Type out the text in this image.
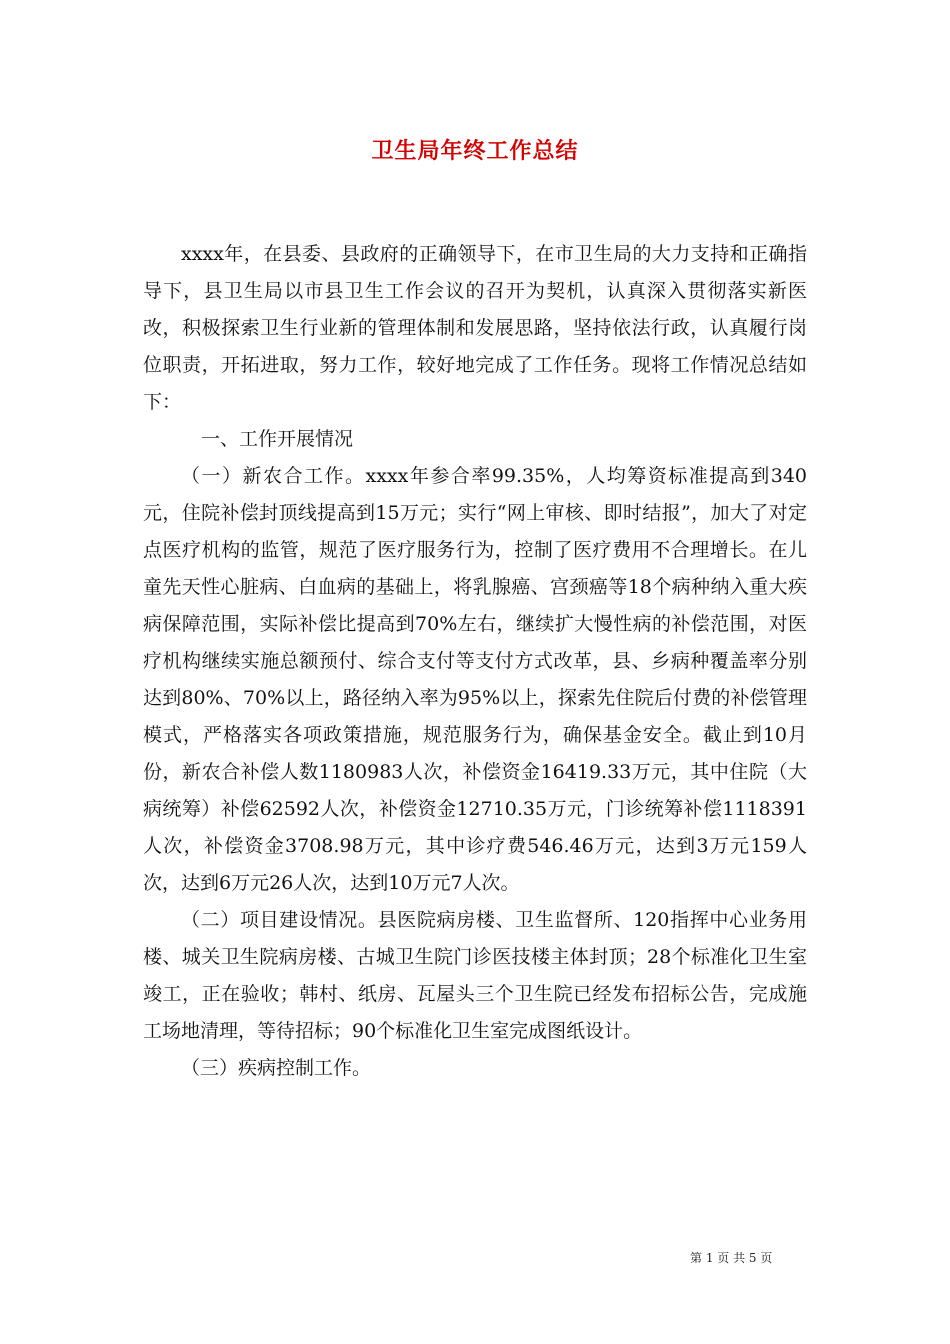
卫生局年终工作总结

xxxx年，在县委、县政府的正确领导下，在市卫生局的大力支持和正确指导下，县卫生局以市县卫生工作会议的召开为契机，认真深入贯彻落实新医改，积极探索卫生行业新的管理体制和发展思路，坚持依法行政，认真履行岗位职责，开拓进取，努力工作，较好地完成了工作任务。现将工作情况总结如下：

一、工作开展情况

（一）新农合工作。xxxx年参合率99.35%，人均筹资标准提高到340元，住院补偿封顶线提高到15万元；实行“网上审核、即时结报”，加大了对定点医疗机构的监管，规范了医疗服务行为，控制了医疗费用不合理增长。在儿童先天性心脏病、白血病的基础上，将乳腺癌、宫颈癌等18个病种纳入重大疾病保障范围，实际补偿比提高到70%左右，继续扩大慢性病的补偿范围，对医疗机构继续实施总额预付、综合支付等支付方式改革，县、乡病种覆盖率分别达到80%、70%以上，路径纳入率为95%以上，探索先住院后付费的补偿管理模式，严格落实各项政策措施，规范服务行为，确保基金安全。截止到10月份，新农合补偿人数1180983人次，补偿资金16419.33万元，其中住院（大病统筹）补偿62592人次，补偿资金12710.35万元，门诊统筹补偿1118391人次，补偿资金3708.98万元，其中诊疗费546.46万元，达到3万元159人次，达到6万元26人次，达到10万元7人次。

（二）项目建设情况。县医院病房楼、卫生监督所、120指挥中心业务用楼、城关卫生院病房楼、古城卫生院门诊医技楼主体封顶；28个标准化卫生室竣工，正在验收；韩村、纸房、瓦屋头三个卫生院已经发布招标公告，完成施工场地清理，等待招标；90个标准化卫生室完成图纸设计。

（三）疾病控制工作。

第 1 页 共 5 页
